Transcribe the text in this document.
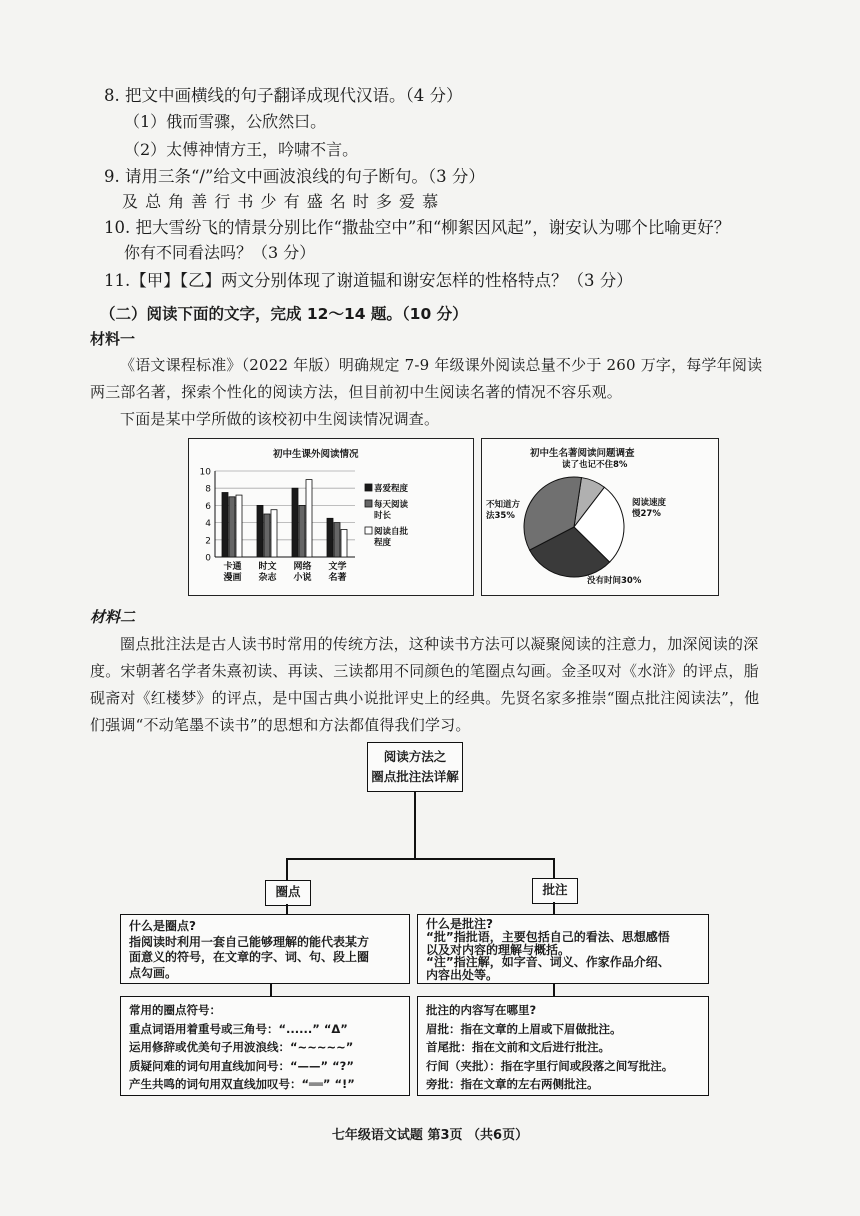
8. 把文中画横线的句子翻译成现代汉语。（4 分）
（1）俄而雪骤，公欣然曰。
（2）太傅神情方王，吟啸不言。
9. 请用三条“/”给文中画波浪线的句子断句。（3 分）
及 总 角 善 行 书 少 有 盛 名 时 多 爱 慕
10. 把大雪纷飞的情景分别比作“撒盐空中”和“柳絮因风起”，谢安认为哪个比喻更好？
你有不同看法吗？（3 分）
11.【甲】【乙】两文分别体现了谢道韫和谢安怎样的性格特点？（3 分）
（二）阅读下面的文字，完成 12～14 题。（10 分）
材料一
《语文课程标准》（2022 年版）明确规定 7-9 年级课外阅读总量不少于 260 万字，每学年阅读两三部名著，探索个性化的阅读方法，但目前初中生阅读名著的情况不容乐观。
下面是某中学所做的该校初中生阅读情况调查。
初中生课外阅读情况
0
2
4
6
8
10
卡通
漫画
时文
杂志
网络
小说
文学
名著
喜爱程度
每天阅读
时长
阅读自批
程度
初中生名著阅读问题调查
读了也记不住8%
阅读速度
慢27%
没有时间30%
不知道方
法35%
材料二
圈点批注法是古人读书时常用的传统方法，这种读书方法可以凝聚阅读的注意力，加深阅读的深度。宋朝著名学者朱熹初读、再读、三读都用不同颜色的笔圈点勾画。金圣叹对《水浒》的评点，脂砚斋对《红楼梦》的评点，是中国古典小说批评史上的经典。先贤名家多推崇“圈点批注阅读法”，他们强调“不动笔墨不读书”的思想和方法都值得我们学习。
阅读方法之
圈点批注法详解
圈点	批注
什么是圈点?
指阅读时利用一套自己能够理解的能代表某方
面意义的符号，在文章的字、词、句、段上圈
点勾画。
什么是批注?
“批”指批语，主要包括自己的看法、思想感悟
以及对内容的理解与概括。
“注”指注解，如字音、词义、作家作品介绍、
内容出处等。
常用的圈点符号：
重点词语用着重号或三角号：“......” “Δ”
运用修辞或优美句子用波浪线：“~~~~~”
质疑问难的词句用直线加问号：“——” “?”
产生共鸣的词句用双直线加叹号：“══” “!”
批注的内容写在哪里?
眉批：指在文章的上眉或下眉做批注。
首尾批：指在文前和文后进行批注。
行间（夹批）：指在字里行间或段落之间写批注。
旁批：指在文章的左右两侧批注。
七年级语文试题 第3页 （共6页）
